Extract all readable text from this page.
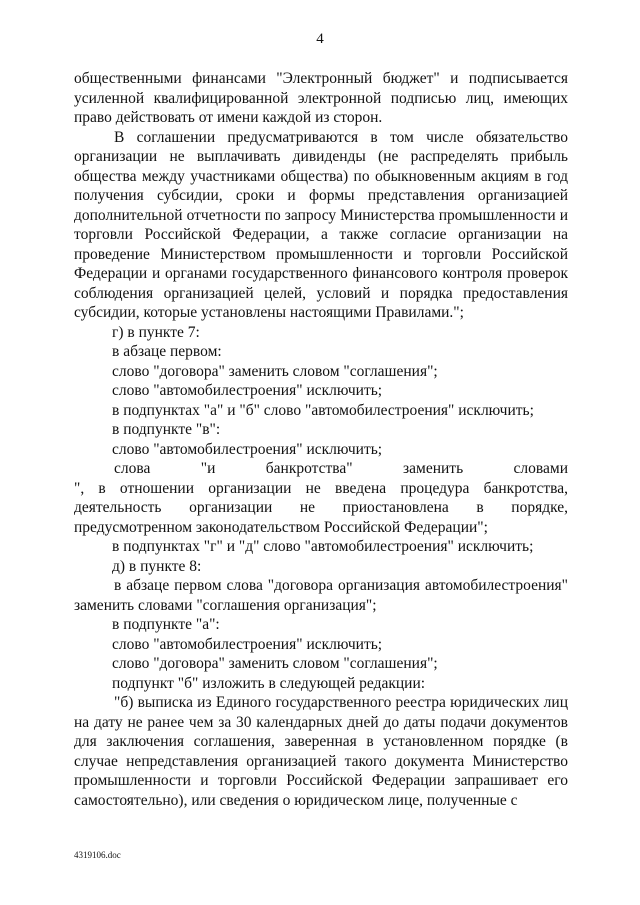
4

общественными финансами "Электронный бюджет" и подписывается усиленной квалифицированной электронной подписью лиц, имеющих право действовать от имени каждой из сторон.

В соглашении предусматриваются в том числе обязательство организации не выплачивать дивиденды (не распределять прибыль общества между участниками общества) по обыкновенным акциям в год получения субсидии, сроки и формы представления организацией дополнительной отчетности по запросу Министерства промышленности и торговли Российской Федерации, а также согласие организации на проведение Министерством промышленности и торговли Российской Федерации и органами государственного финансового контроля проверок соблюдения организацией целей, условий и порядка предоставления субсидии, которые установлены настоящими Правилами.";

г) в пункте 7:

в абзаце первом:

слово "договора" заменить словом "соглашения";

слово "автомобилестроения" исключить;

в подпунктах "а" и "б" слово "автомобилестроения" исключить;

в подпункте "в":

слово "автомобилестроения" исключить;

слова "и банкротства" заменить словами

", в отношении организации не введена процедура банкротства, деятельность организации не приостановлена в порядке, предусмотренном законодательством Российской Федерации";

в подпунктах "г" и "д" слово "автомобилестроения" исключить;

д) в пункте 8:

в абзаце первом слова "договора организация автомобилестроения" заменить словами "соглашения организация";

в подпункте "а":

слово "автомобилестроения" исключить;

слово "договора" заменить словом "соглашения";

подпункт "б" изложить в следующей редакции:

"б) выписка из Единого государственного реестра юридических лиц на дату не ранее чем за 30 календарных дней до даты подачи документов для заключения соглашения, заверенная в установленном порядке (в случае непредставления организацией такого документа Министерство промышленности и торговли Российской Федерации запрашивает его самостоятельно), или сведения о юридическом лице, полученные с

4319106.doc
